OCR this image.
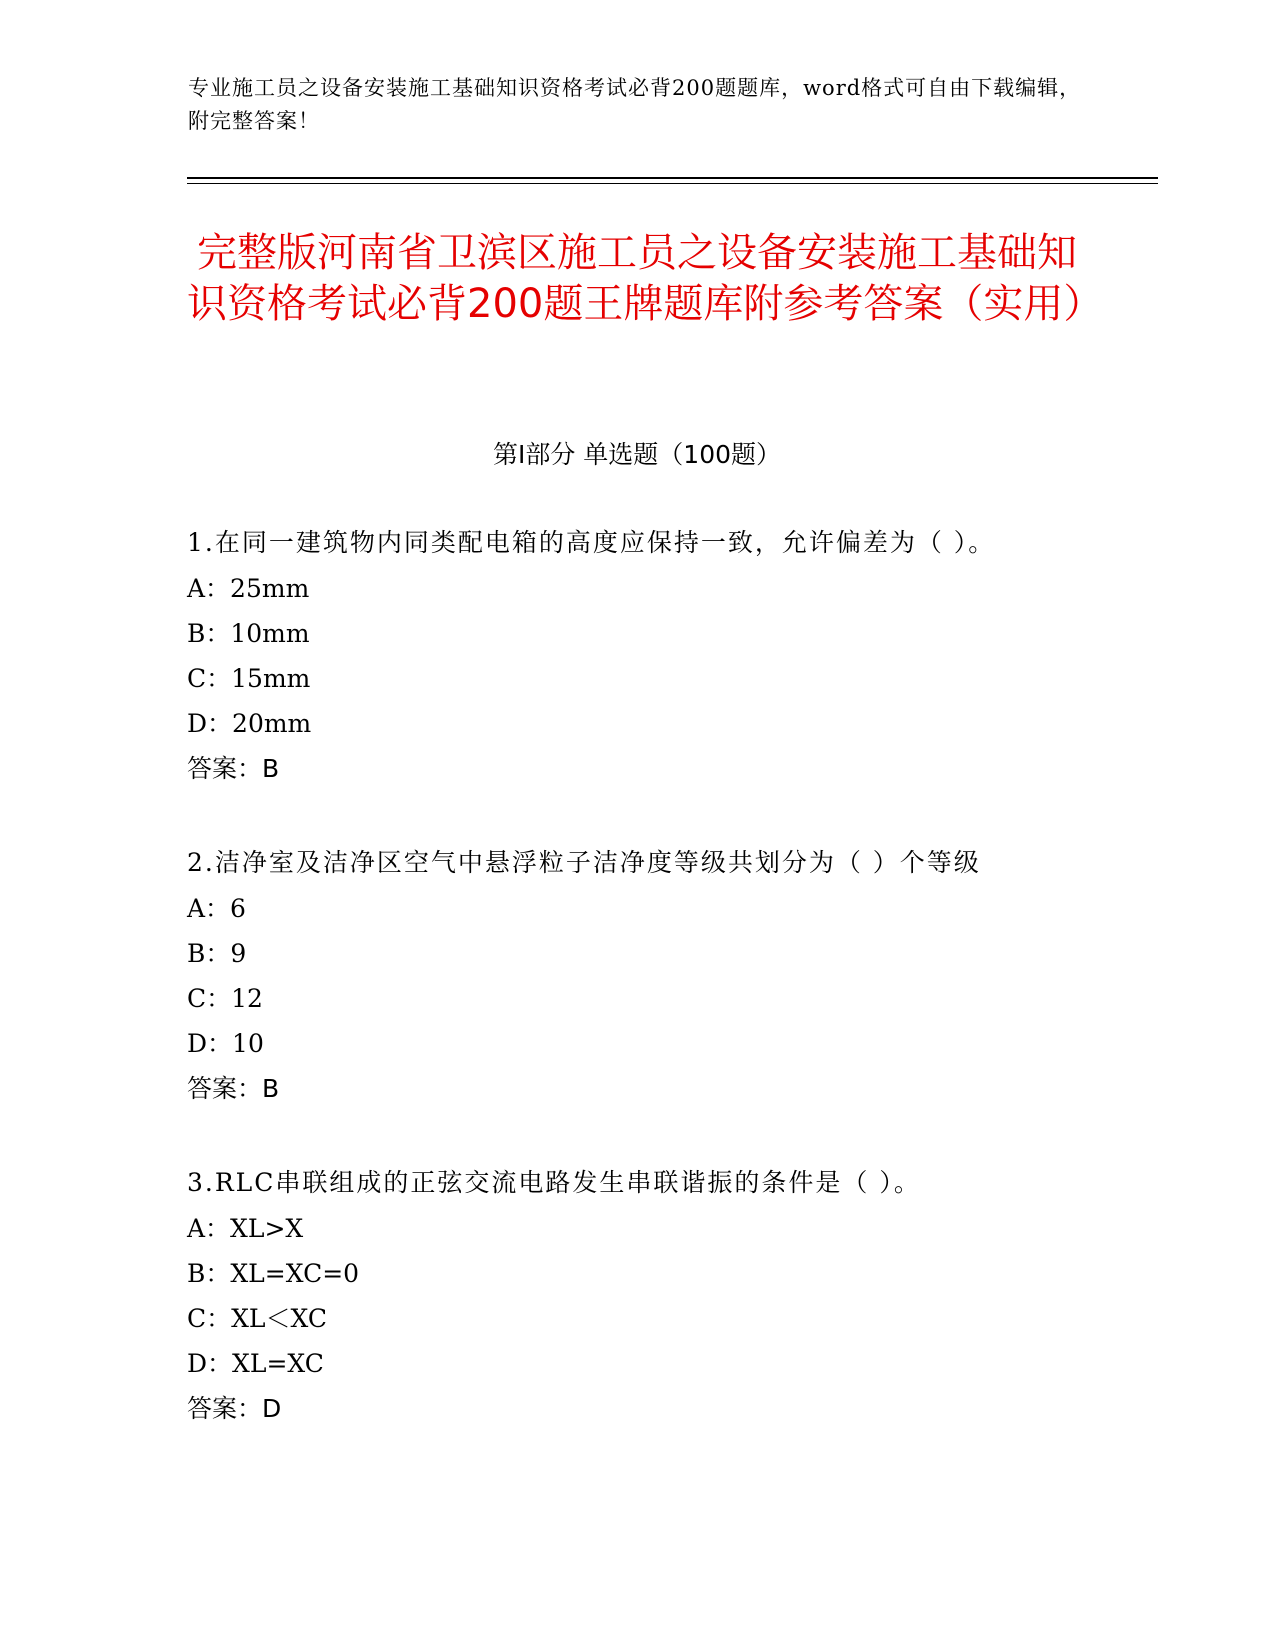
专业施工员之设备安装施工基础知识资格考试必背200题题库，word格式可自由下载编辑，附完整答案！
完整版河南省卫滨区施工员之设备安装施工基础知识资格考试必背200题王牌题库附参考答案（实用）
第Ⅰ部分 单选题（100题）
1.在同一建筑物内同类配电箱的高度应保持一致，允许偏差为（ ）。
A：25mm
B：10mm
C：15mm
D：20mm
答案：B
2.洁净室及洁净区空气中悬浮粒子洁净度等级共划分为（ ）个等级
A：6
B：9
C：12
D：10
答案：B
3.RLC串联组成的正弦交流电路发生串联谐振的条件是（ ）。
A：XL>X
B：XL=XC=0
C：XL＜XC
D：XL=XC
答案：D
